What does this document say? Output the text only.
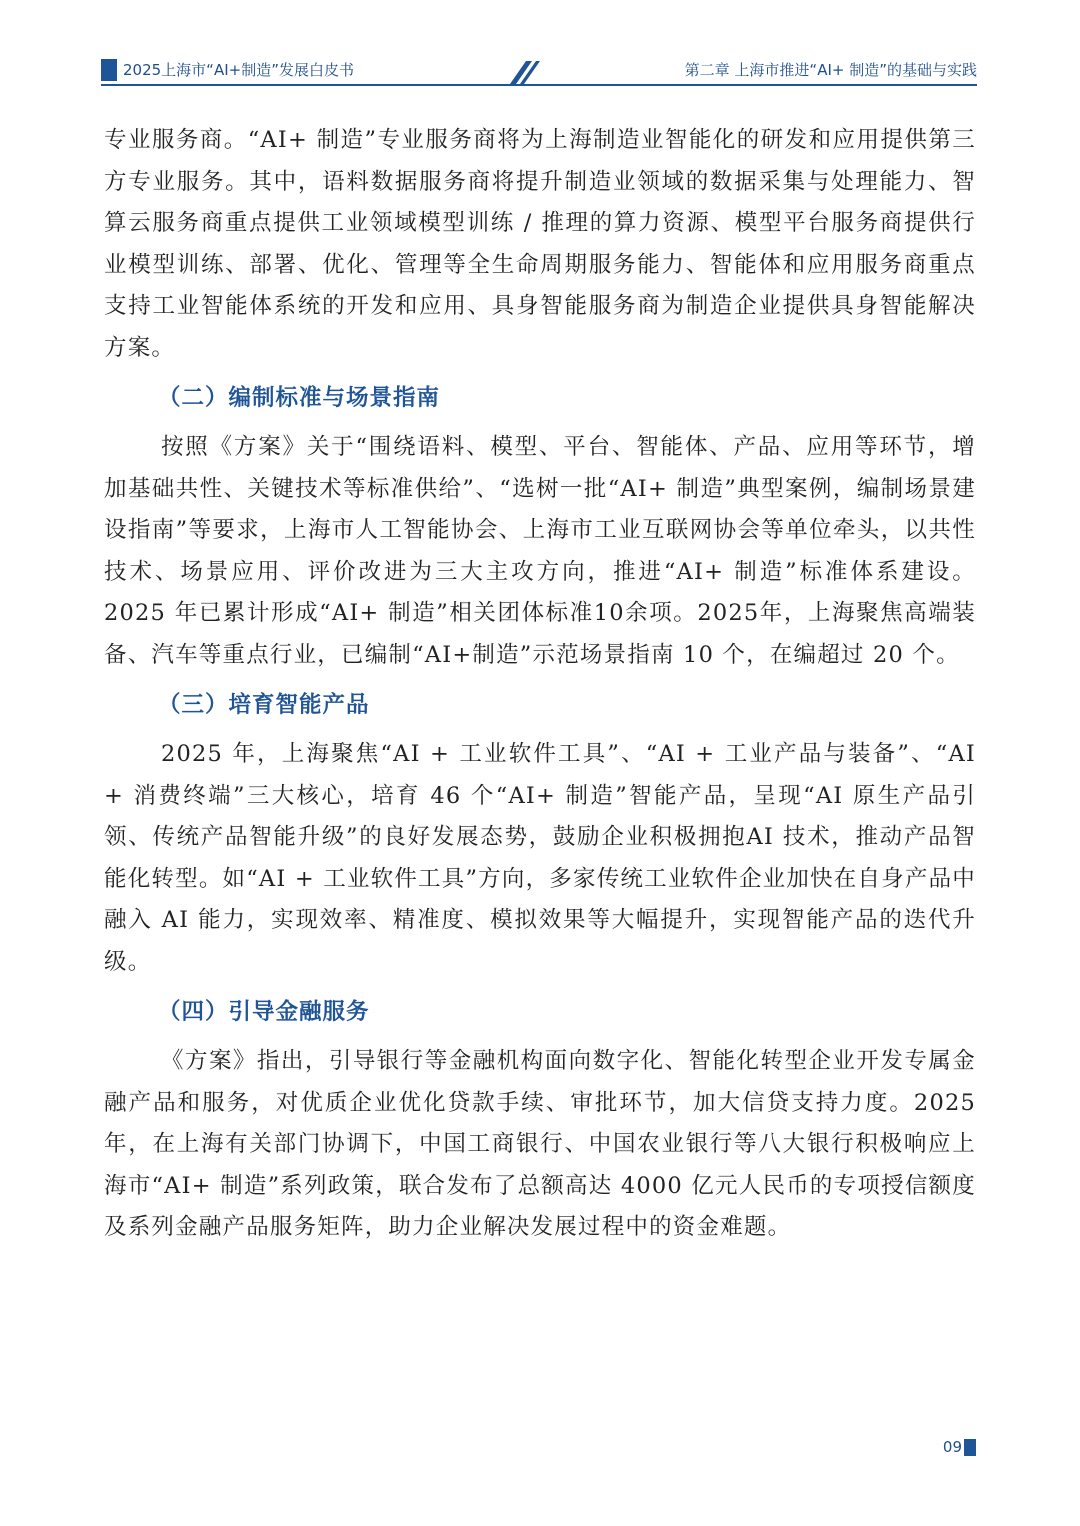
2025上海市“AI+制造”发展白皮书	第二章 上海市推进“AI+ 制造”的基础与实践

专业服务商。“AI+ 制造”专业服务商将为上海制造业智能化的研发和应用提供第三方专业服务。其中，语料数据服务商将提升制造业领域的数据采集与处理能力、智算云服务商重点提供工业领域模型训练 / 推理的算力资源、模型平台服务商提供行业模型训练、部署、优化、管理等全生命周期服务能力、智能体和应用服务商重点支持工业智能体系统的开发和应用、具身智能服务商为制造企业提供具身智能解决方案。

（二）编制标准与场景指南

按照《方案》关于“围绕语料、模型、平台、智能体、产品、应用等环节，增加基础共性、关键技术等标准供给”、“选树一批“AI+ 制造”典型案例，编制场景建设指南”等要求，上海市人工智能协会、上海市工业互联网协会等单位牵头，以共性技术、场景应用、评价改进为三大主攻方向，推进“AI+ 制造”标准体系建设。2025 年已累计形成“AI+ 制造”相关团体标准10余项。2025年，上海聚焦高端装备、汽车等重点行业，已编制“AI+制造”示范场景指南 10 个，在编超过 20 个。

（三）培育智能产品

2025 年，上海聚焦“AI + 工业软件工具”、“AI + 工业产品与装备”、“AI + 消费终端”三大核心，培育 46 个“AI+ 制造”智能产品，呈现“AI 原生产品引领、传统产品智能升级”的良好发展态势，鼓励企业积极拥抱AI 技术，推动产品智能化转型。如“AI + 工业软件工具”方向，多家传统工业软件企业加快在自身产品中融入 AI 能力，实现效率、精准度、模拟效果等大幅提升，实现智能产品的迭代升级。

（四）引导金融服务

《方案》指出，引导银行等金融机构面向数字化、智能化转型企业开发专属金融产品和服务，对优质企业优化贷款手续、审批环节，加大信贷支持力度。2025 年，在上海有关部门协调下，中国工商银行、中国农业银行等八大银行积极响应上海市“AI+ 制造”系列政策，联合发布了总额高达 4000 亿元人民币的专项授信额度及系列金融产品服务矩阵，助力企业解决发展过程中的资金难题。

09
